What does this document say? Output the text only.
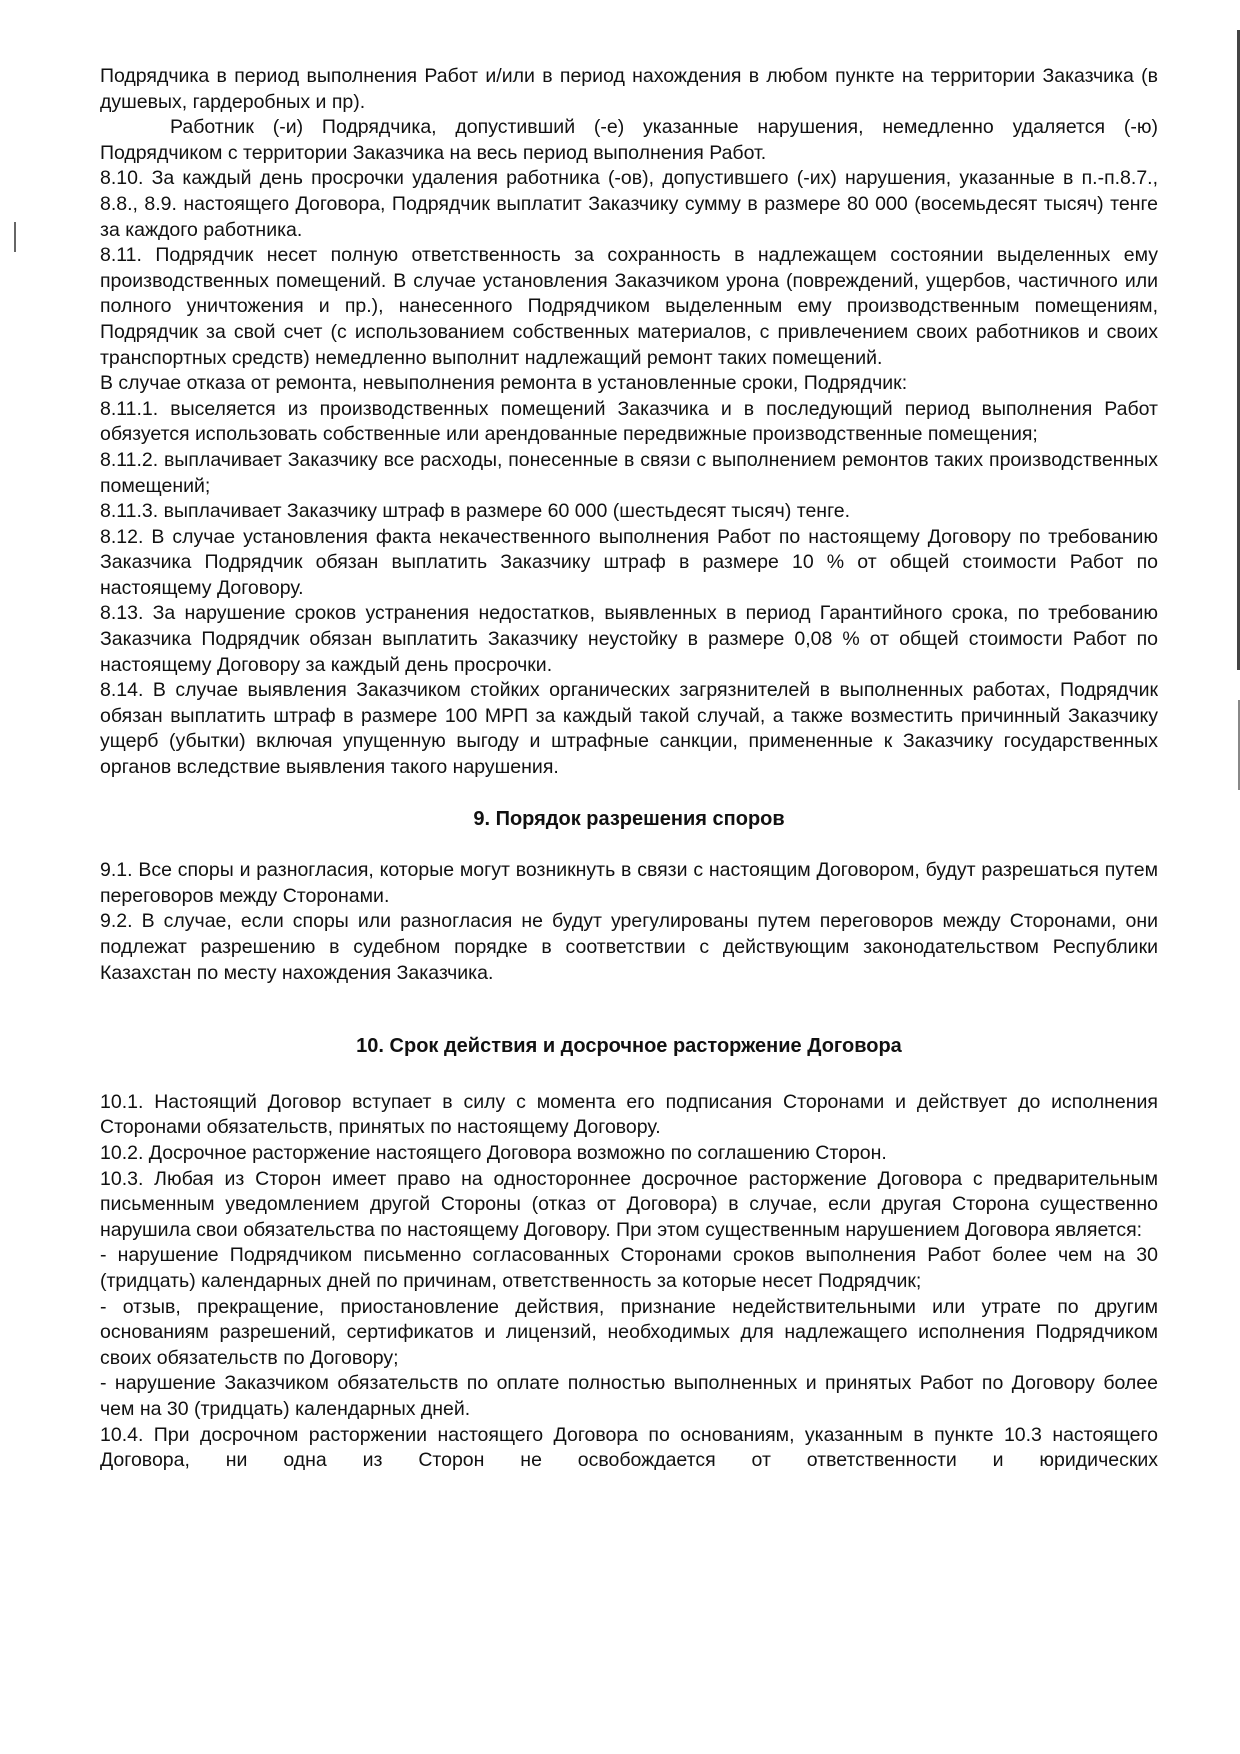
Подрядчика в период выполнения Работ и/или в период нахождения в любом пункте на территории Заказчика (в душевых, гардеробных и пр).

Работник (-и) Подрядчика, допустивший (-е) указанные нарушения, немедленно удаляется (-ю) Подрядчиком с территории Заказчика на весь период выполнения Работ.

8.10. За каждый день просрочки удаления работника (-ов), допустившего (-их) нарушения, указанные в п.-п.8.7., 8.8., 8.9. настоящего Договора, Подрядчик выплатит Заказчику сумму в размере 80 000 (восемьдесят тысяч) тенге за каждого работника.

8.11. Подрядчик несет полную ответственность за сохранность в надлежащем состоянии выделенных ему производственных помещений. В случае установления Заказчиком урона (повреждений, ущербов, частичного или полного уничтожения и пр.), нанесенного Подрядчиком выделенным ему производственным помещениям, Подрядчик за свой счет (с использованием собственных материалов, с привлечением своих работников и своих транспортных средств) немедленно выполнит надлежащий ремонт таких помещений.

В случае отказа от ремонта, невыполнения ремонта в установленные сроки, Подрядчик:

8.11.1. выселяется из производственных помещений Заказчика и в последующий период выполнения Работ обязуется использовать собственные или арендованные передвижные производственные помещения;

8.11.2. выплачивает Заказчику все расходы, понесенные в связи с выполнением ремонтов таких производственных помещений;

8.11.3. выплачивает Заказчику штраф в размере 60 000 (шестьдесят тысяч) тенге.

8.12. В случае установления факта некачественного выполнения Работ по настоящему Договору по требованию Заказчика Подрядчик обязан выплатить Заказчику штраф в размере 10 % от общей стоимости Работ по настоящему Договору.

8.13. За нарушение сроков устранения недостатков, выявленных в период Гарантийного срока, по требованию Заказчика Подрядчик обязан выплатить Заказчику неустойку в размере 0,08 % от общей стоимости Работ по настоящему Договору за каждый день просрочки.

8.14. В случае выявления Заказчиком стойких органических загрязнителей в выполненных работах, Подрядчик обязан выплатить штраф в размере 100 МРП за каждый такой случай, а также возместить причинный Заказчику ущерб (убытки) включая упущенную выгоду и штрафные санкции, примененные к Заказчику государственных органов вследствие выявления такого нарушения.

9. Порядок разрешения споров

9.1. Все споры и разногласия, которые могут возникнуть в связи с настоящим Договором, будут разрешаться путем переговоров между Сторонами.

9.2. В случае, если споры или разногласия не будут урегулированы путем переговоров между Сторонами, они подлежат разрешению в судебном порядке в соответствии с действующим законодательством Республики Казахстан по месту нахождения Заказчика.

10. Срок действия и досрочное расторжение Договора

10.1. Настоящий Договор вступает в силу с момента его подписания Сторонами и действует до исполнения Сторонами обязательств, принятых по настоящему Договору.

10.2. Досрочное расторжение настоящего Договора возможно по соглашению Сторон.

10.3. Любая из Сторон имеет право на одностороннее досрочное расторжение Договора с предварительным письменным уведомлением другой Стороны (отказ от Договора) в случае, если другая Сторона существенно нарушила свои обязательства по настоящему Договору. При этом существенным нарушением Договора является:

- нарушение Подрядчиком письменно согласованных Сторонами сроков выполнения Работ более чем на 30 (тридцать) календарных дней по причинам, ответственность за которые несет Подрядчик;

- отзыв, прекращение, приостановление действия, признание недействительными или утрате по другим основаниям разрешений, сертификатов и лицензий, необходимых для надлежащего исполнения Подрядчиком своих обязательств по Договору;

- нарушение Заказчиком обязательств по оплате полностью выполненных и принятых Работ по Договору более чем на 30 (тридцать) календарных дней.

10.4. При досрочном расторжении настоящего Договора по основаниям, указанным в пункте 10.3 настоящего Договора, ни одна из Сторон не освобождается от ответственности и юридических
